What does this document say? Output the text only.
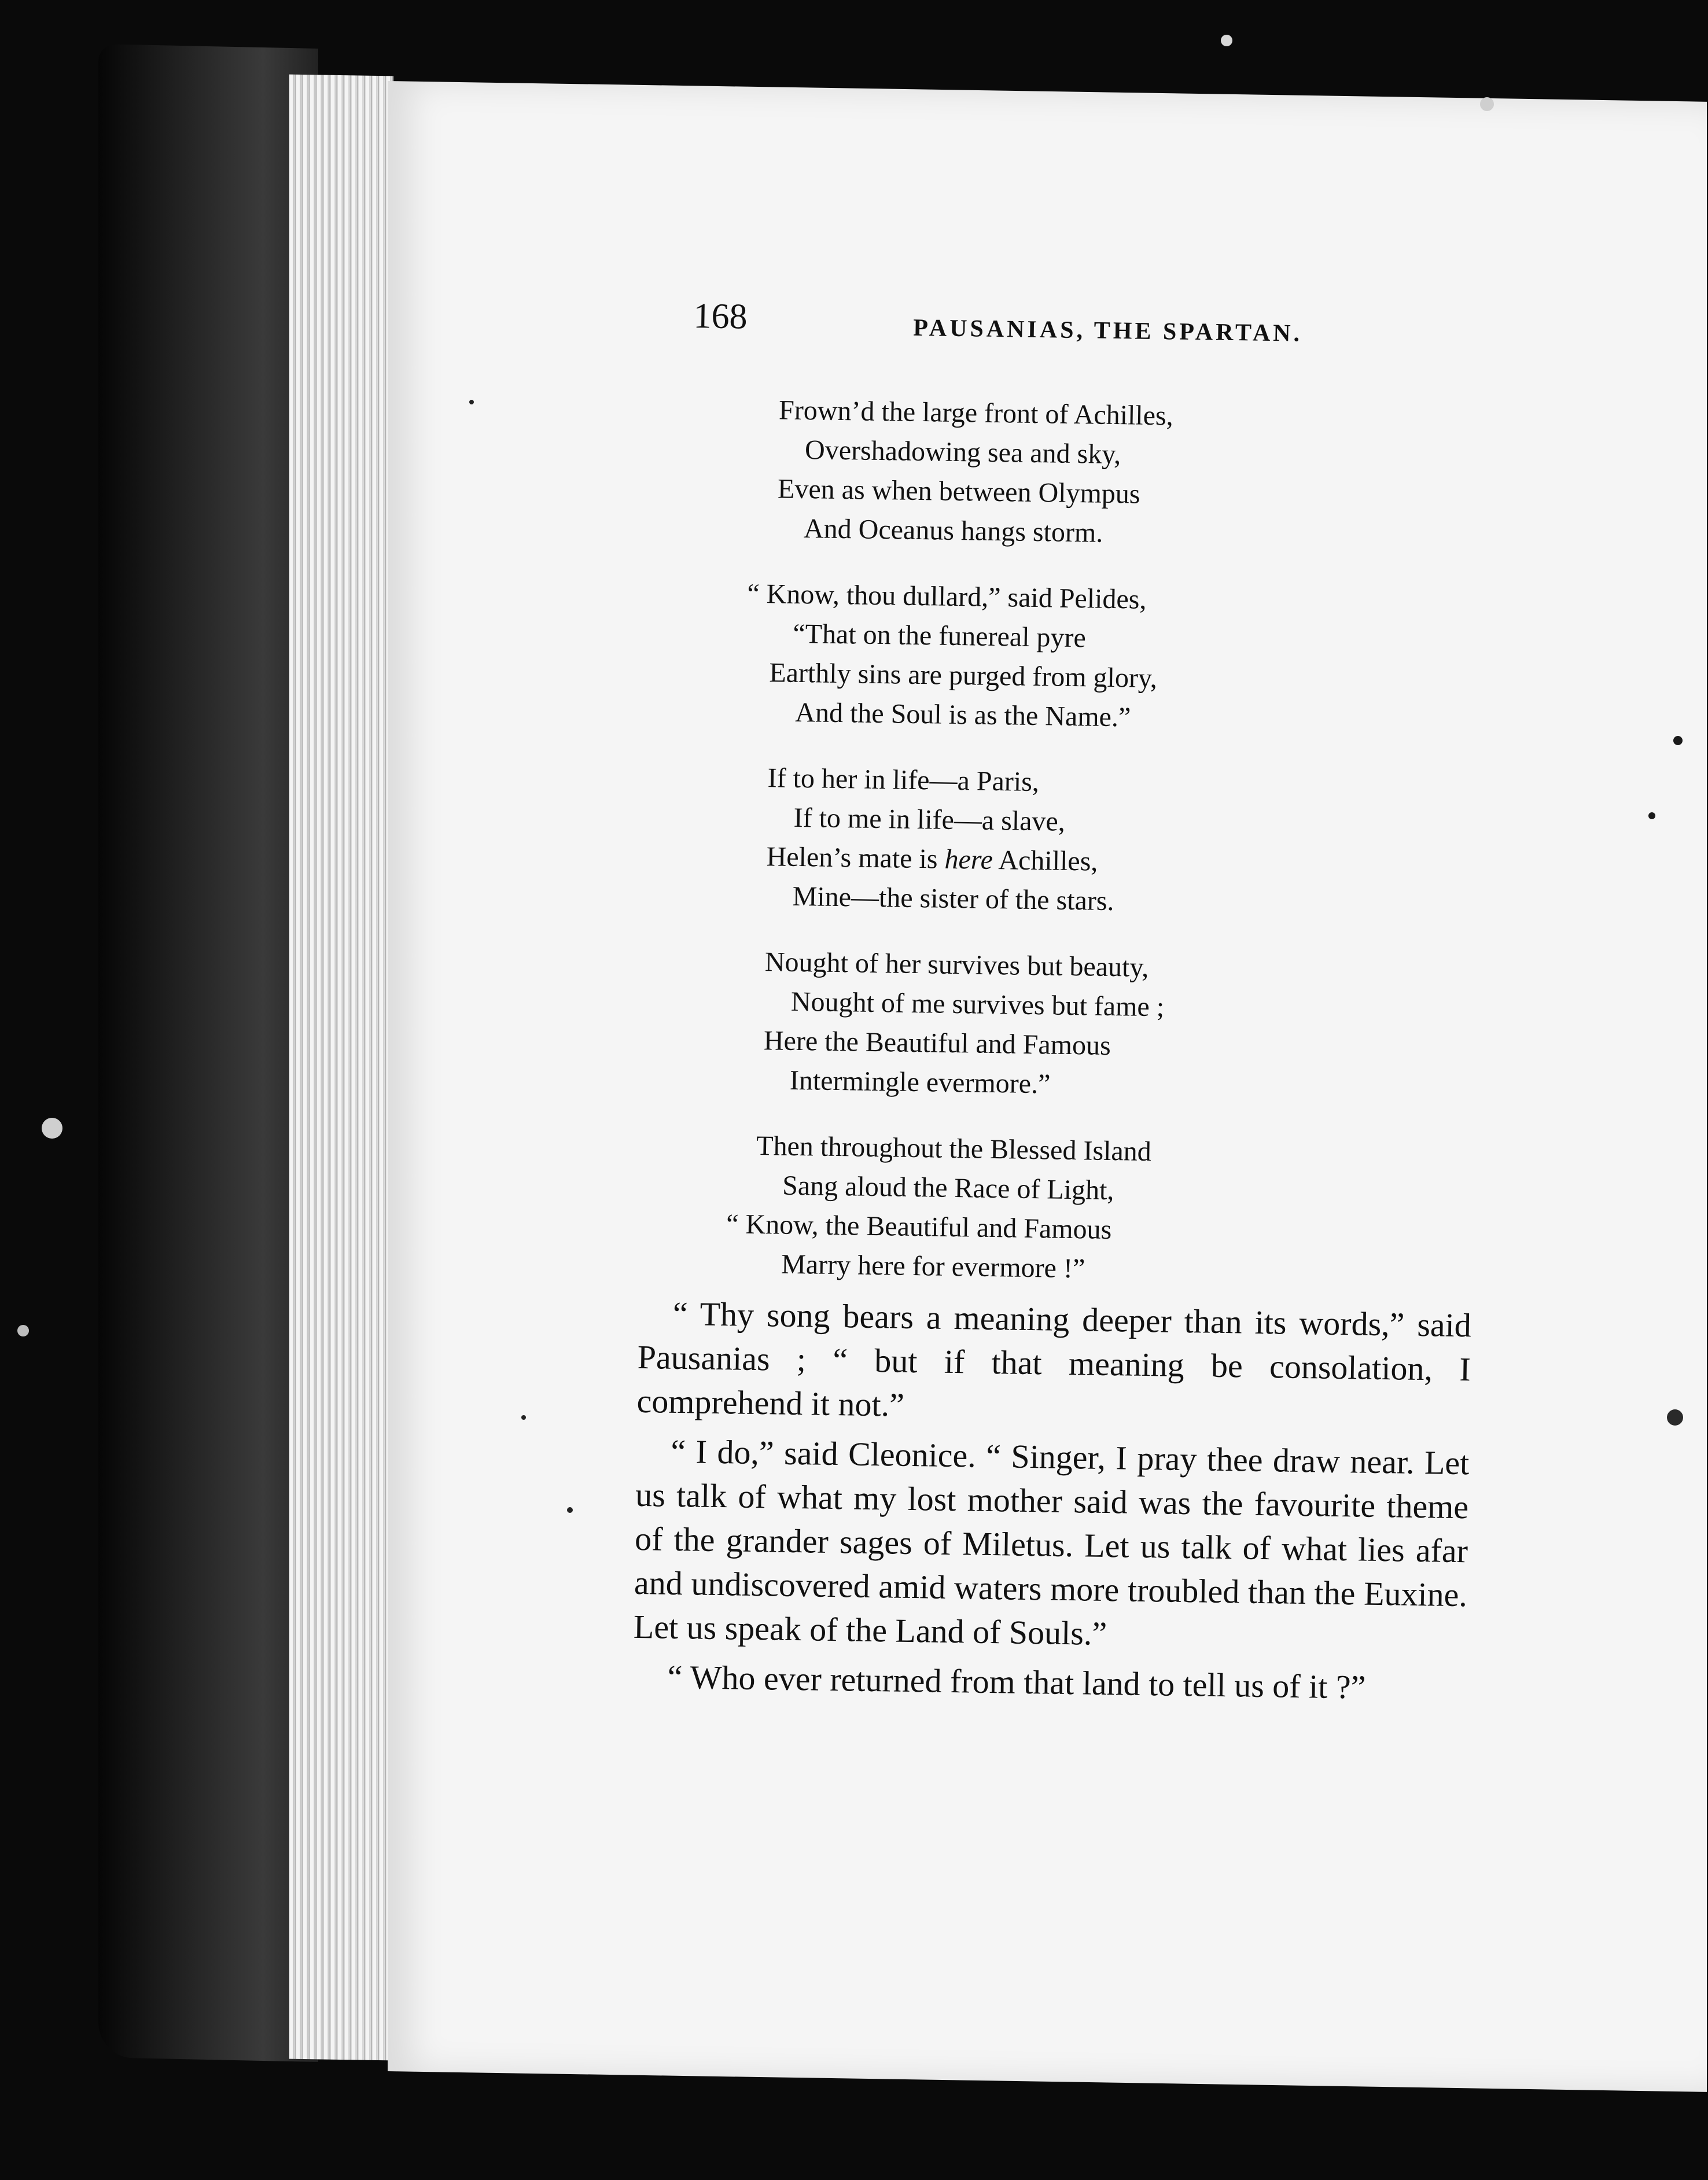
168	PAUSANIAS, THE SPARTAN.
Frown’d the large front of Achilles,
Overshadowing sea and sky,
Even as when between Olympus
And Oceanus hangs storm.
“ Know, thou dullard,” said Pelides,
“That on the funereal pyre
Earthly sins are purged from glory,
And the Soul is as the Name.”
If to her in life—a Paris,
If to me in life—a slave,
Helen’s mate is here Achilles,
Mine—the sister of the stars.
Nought of her survives but beauty,
Nought of me survives but fame ;
Here the Beautiful and Famous
Intermingle evermore.”
Then throughout the Blessed Island
Sang aloud the Race of Light,
“ Know, the Beautiful and Famous
Marry here for evermore !”

“ Thy song bears a meaning deeper than its words,” said Pausanias ; “ but if that meaning be consolation, I comprehend it not.”

“ I do,” said Cleonice. “ Singer, I pray thee draw near. Let us talk of what my lost mother said was the favourite theme of the grander sages of Miletus. Let us talk of what lies afar and undiscovered amid waters more troubled than the Euxine. Let us speak of the Land of Souls.”

“ Who ever returned from that land to tell us of it ?”
